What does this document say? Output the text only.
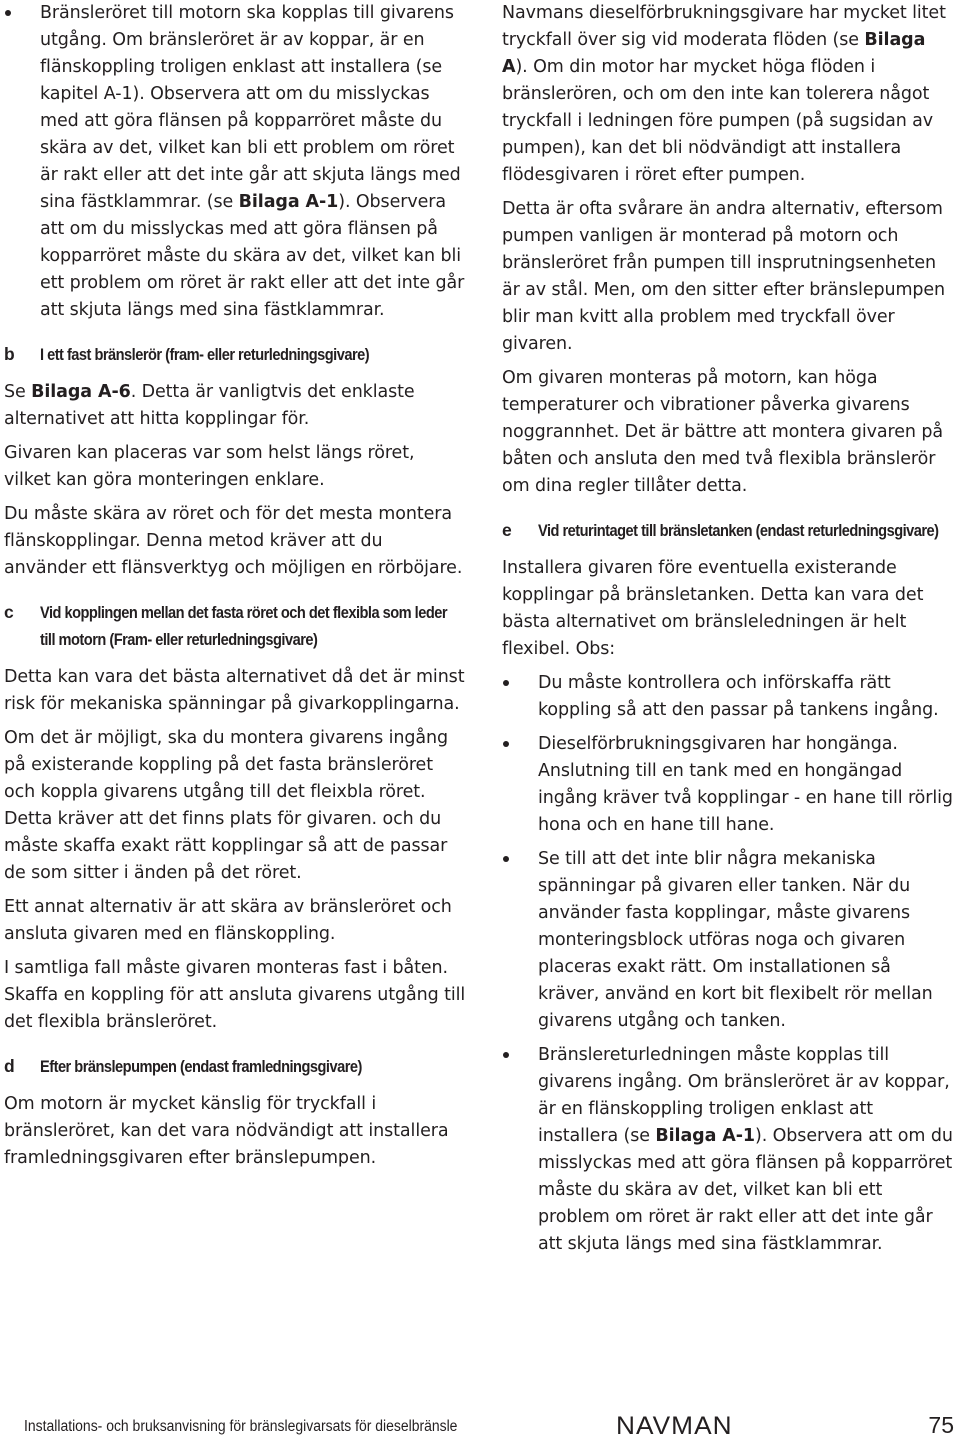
Bränsleröret till motorn ska kopplas till givarens utgång. Om bränsleröret är av koppar, är en flänskoppling troligen enklast att installera (se kapitel A-1). Observera att om du misslyckas med att göra flänsen på kopparröret måste du skära av det, vilket kan bli ett problem om röret är rakt eller att det inte går att skjuta längs med sina fästklammrar. (se Bilaga A-1). Observera att om du misslyckas med att göra flänsen på kopparröret måste du skära av det, vilket kan bli ett problem om röret är rakt eller att det inte går att skjuta längs med sina fästklammrar.

b I ett fast bränslerör (fram- eller returledningsgivare)

Se Bilaga A-6. Detta är vanligtvis det enklaste alternativet att hitta kopplingar för.

Givaren kan placeras var som helst längs röret, vilket kan göra monteringen enklare.

Du måste skära av röret och för det mesta montera flänskopplingar. Denna metod kräver att du använder ett flänsverktyg och möjligen en rörböjare.

c Vid kopplingen mellan det fasta röret och det flexibla som leder till motorn (Fram- eller returledningsgivare)

Detta kan vara det bästa alternativet då det är minst risk för mekaniska spänningar på givarkopplingarna.

Om det är möjligt, ska du montera givarens ingång på existerande koppling på det fasta bränsleröret och koppla givarens utgång till det fleixbla röret. Detta kräver att det finns plats för givaren. och du måste skaffa exakt rätt kopplingar så att de passar de som sitter i änden på det röret.

Ett annat alternativ är att skära av bränsleröret och ansluta givaren med en flänskoppling.

I samtliga fall måste givaren monteras fast i båten. Skaffa en koppling för att ansluta givarens utgång till det flexibla bränsleröret.

d Efter bränslepumpen (endast framledningsgivare)

Om motorn är mycket känslig för tryckfall i bränsleröret, kan det vara nödvändigt att installera framledningsgivaren efter bränslepumpen.

Navmans dieselförbrukningsgivare har mycket litet tryckfall över sig vid moderata flöden (se Bilaga A). Om din motor har mycket höga flöden i bränslerören, och om den inte kan tolerera något tryckfall i ledningen före pumpen (på sugsidan av pumpen), kan det bli nödvändigt att installera flödesgivaren i röret efter pumpen.

Detta är ofta svårare än andra alternativ, eftersom pumpen vanligen är monterad på motorn och bränsleröret från pumpen till insprutningsenheten är av stål. Men, om den sitter efter bränslepumpen blir man kvitt alla problem med tryckfall över givaren.

Om givaren monteras på motorn, kan höga temperaturer och vibrationer påverka givarens noggrannhet. Det är bättre att montera givaren på båten och ansluta den med två flexibla bränslerör om dina regler tillåter detta.

e Vid returintaget till bränsletanken (endast returledningsgivare)

Installera givaren före eventuella existerande kopplingar på bränsletanken. Detta kan vara det bästa alternativet om bränsleledningen är helt flexibel. Obs:

Du måste kontrollera och införskaffa rätt koppling så att den passar på tankens ingång.

Dieselförbrukningsgivaren har hongänga. Anslutning till en tank med en hongängad ingång kräver två kopplingar - en hane till rörlig hona och en hane till hane.

Se till att det inte blir några mekaniska spänningar på givaren eller tanken. När du använder fasta kopplingar, måste givarens monteringsblock utföras noga och givaren placeras exakt rätt. Om installationen så kräver, använd en kort bit flexibelt rör mellan givarens utgång och tanken.

Bränslereturledningen måste kopplas till givarens ingång. Om bränsleröret är av koppar, är en flänskoppling troligen enklast att installera (se Bilaga A-1). Observera att om du misslyckas med att göra flänsen på kopparröret måste du skära av det, vilket kan bli ett problem om röret är rakt eller att det inte går att skjuta längs med sina fästklammrar.

Installations- och bruksanvisning för bränslegivarsats för dieselbränsle	NAVMAN	75
